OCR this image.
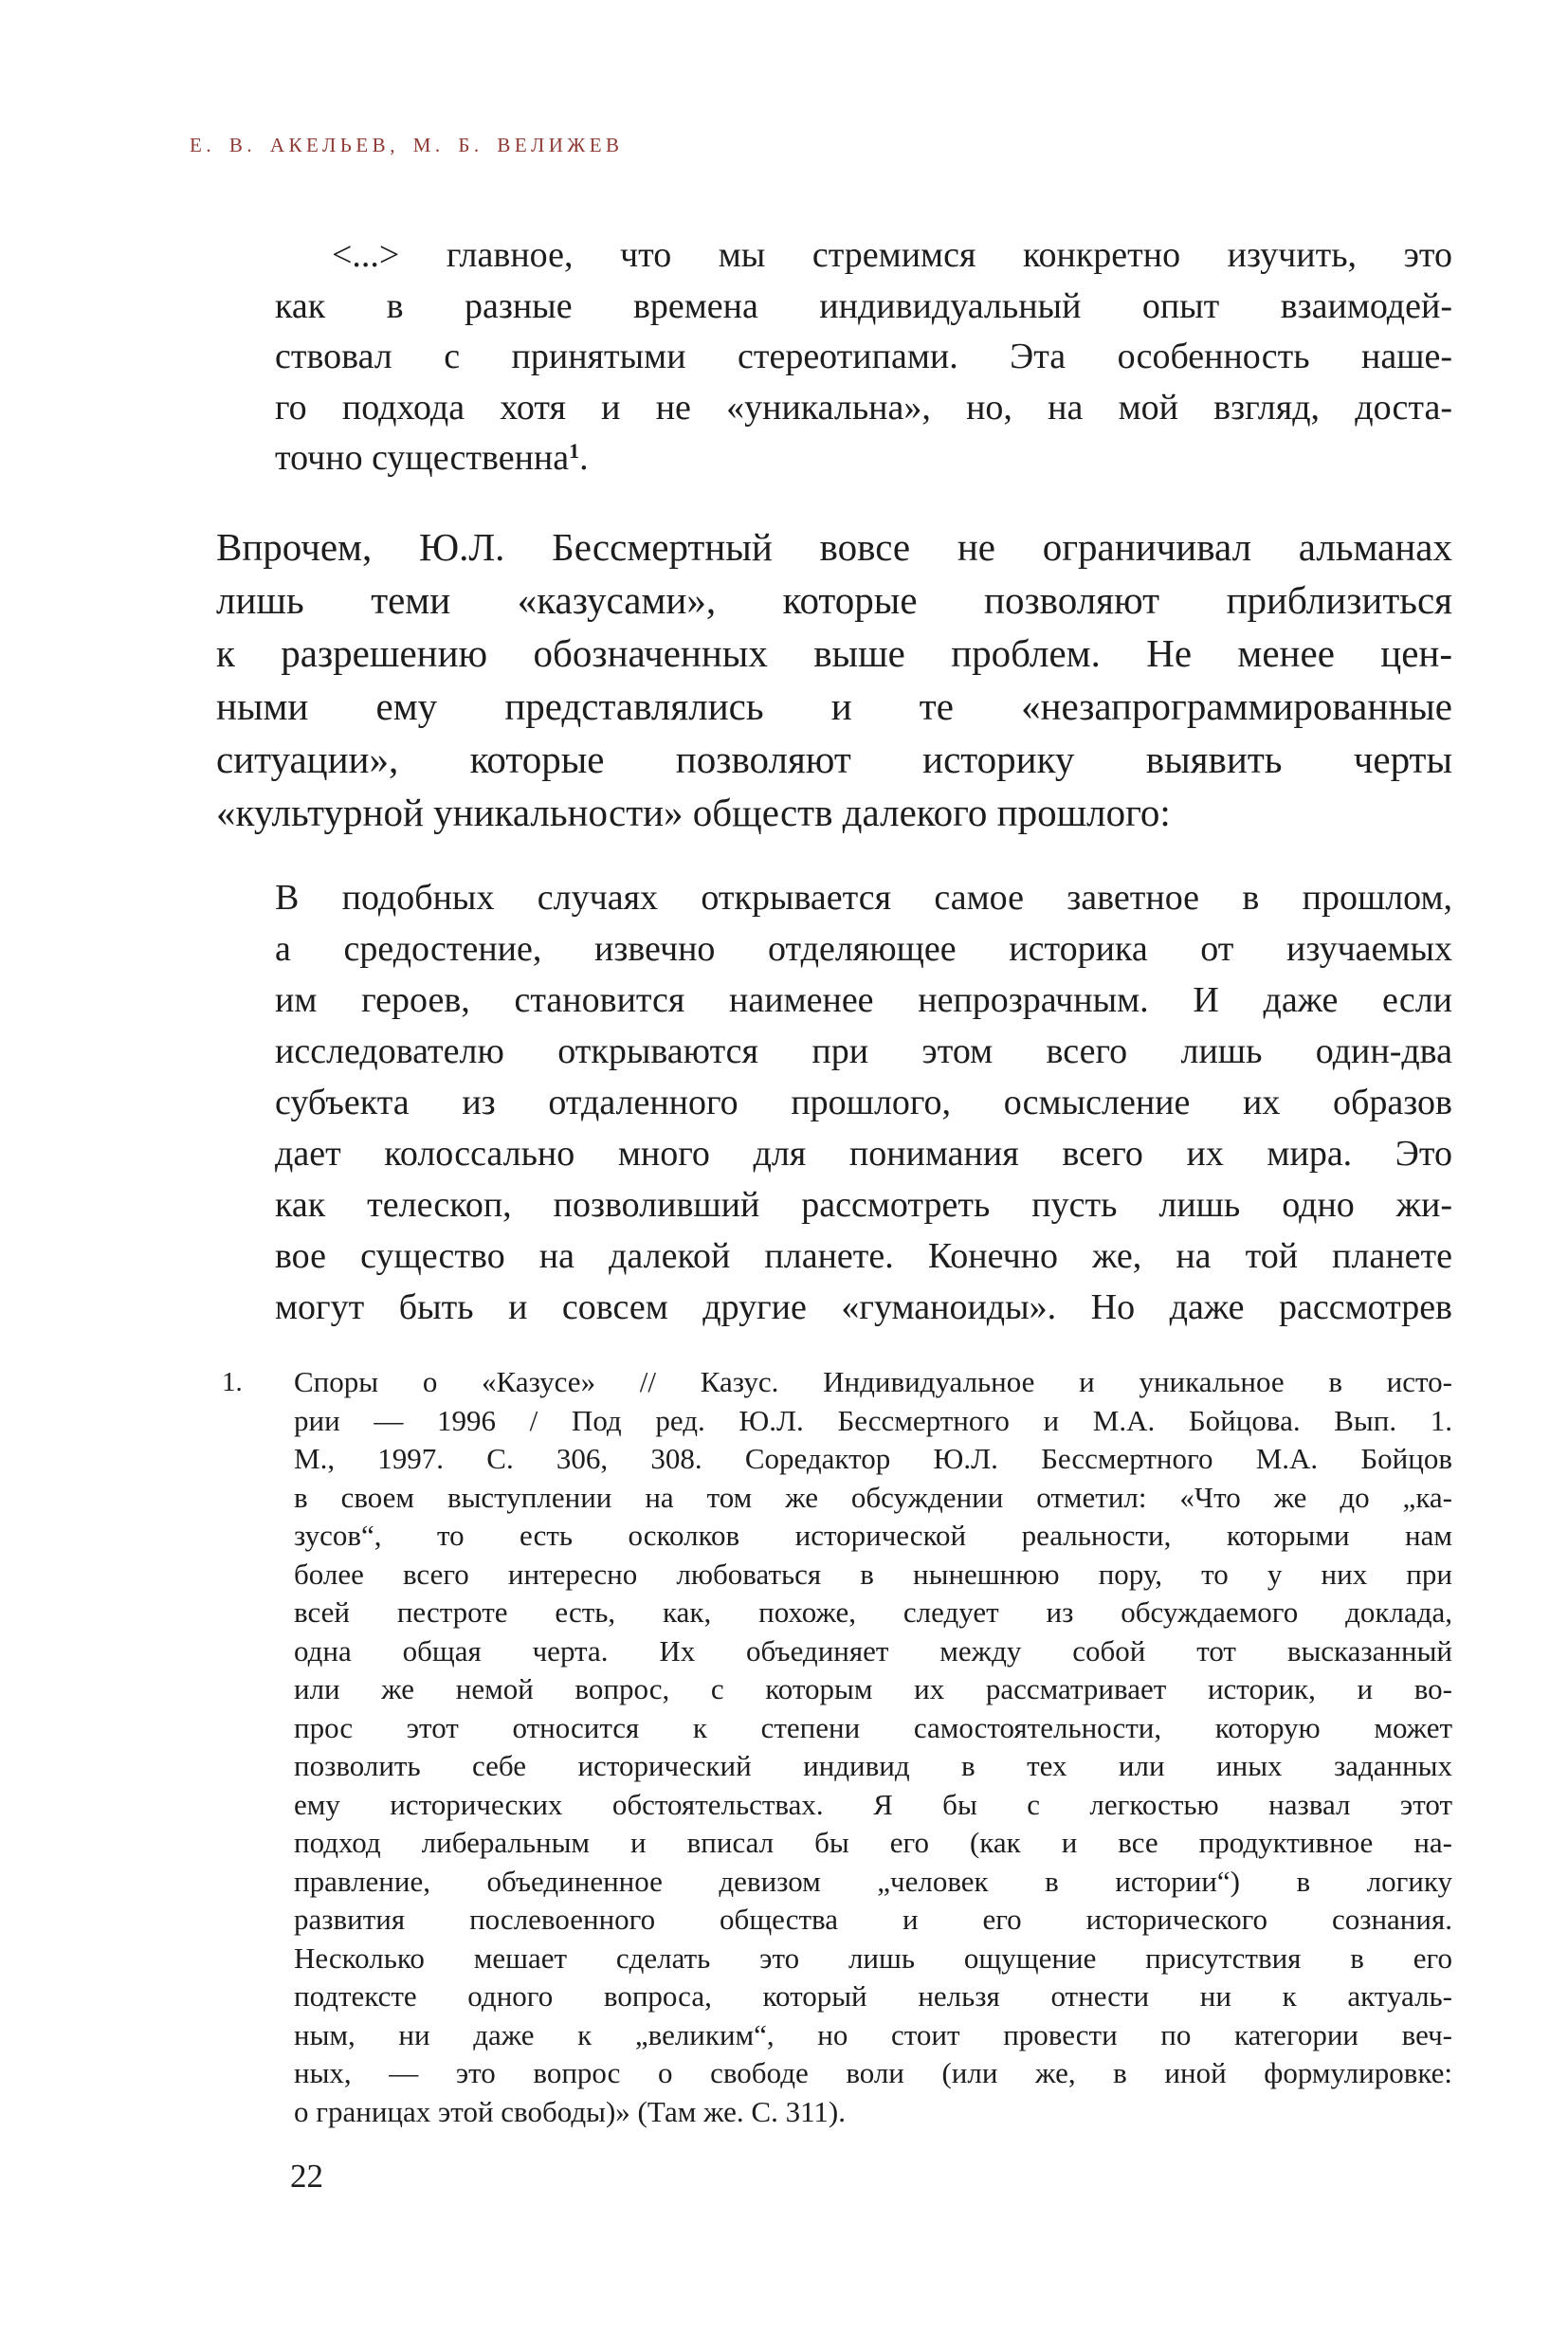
Е. В. АКЕЛЬЕВ, М. Б. ВЕЛИЖЕВ
<...> главное, что мы стремимся конкретно изучить, это
как в разные времена индивидуальный опыт взаимодей-
ствовал с принятыми стереотипами. Эта особенность наше-
го подхода хотя и не «уникальна», но, на мой взгляд, доста-
точно существенна$^1$.
Впрочем, Ю.Л. Бессмертный вовсе не ограничивал альманах
лишь теми «казусами», которые позволяют приблизиться
к разрешению обозначенных выше проблем. Не менее цен-
ными ему представлялись и те «незапрограммированные
ситуации», которые позволяют историку выявить черты
«культурной уникальности» обществ далекого прошлого:
В подобных случаях открывается самое заветное в прошлом,
а средостение, извечно отделяющее историка от изучаемых
им героев, становится наименее непрозрачным. И даже если
исследователю открываются при этом всего лишь один-два
субъекта из отдаленного прошлого, осмысление их образов
дает колоссально много для понимания всего их мира. Это
как телескоп, позволивший рассмотреть пусть лишь одно жи-
вое существо на далекой планете. Конечно же, на той планете
могут быть и совсем другие «гуманоиды». Но даже рассмотрев
1. Споры о «Казусе» // Казус. Индивидуальное и уникальное в исто-
рии — 1996 / Под ред. Ю.Л. Бессмертного и М.А. Бойцова. Вып. 1.
М., 1997. С. 306, 308. Соредактор Ю.Л. Бессмертного М.А. Бойцов
в своем выступлении на том же обсуждении отметил: «Что же до „ка-
зусов“, то есть осколков исторической реальности, которыми нам
более всего интересно любоваться в нынешнюю пору, то у них при
всей пестроте есть, как, похоже, следует из обсуждаемого доклада,
одна общая черта. Их объединяет между собой тот высказанный
или же немой вопрос, с которым их рассматривает историк, и во-
прос этот относится к степени самостоятельности, которую может
позволить себе исторический индивид в тех или иных заданных
ему исторических обстоятельствах. Я бы с легкостью назвал этот
подход либеральным и вписал бы его (как и все продуктивное на-
правление, объединенное девизом „человек в истории“) в логику
развития послевоенного общества и его исторического сознания.
Несколько мешает сделать это лишь ощущение присутствия в его
подтексте одного вопроса, который нельзя отнести ни к актуаль-
ным, ни даже к „великим“, но стоит провести по категории веч-
ных, — это вопрос о свободе воли (или же, в иной формулировке:
о границах этой свободы)» (Там же. С. 311).
22
